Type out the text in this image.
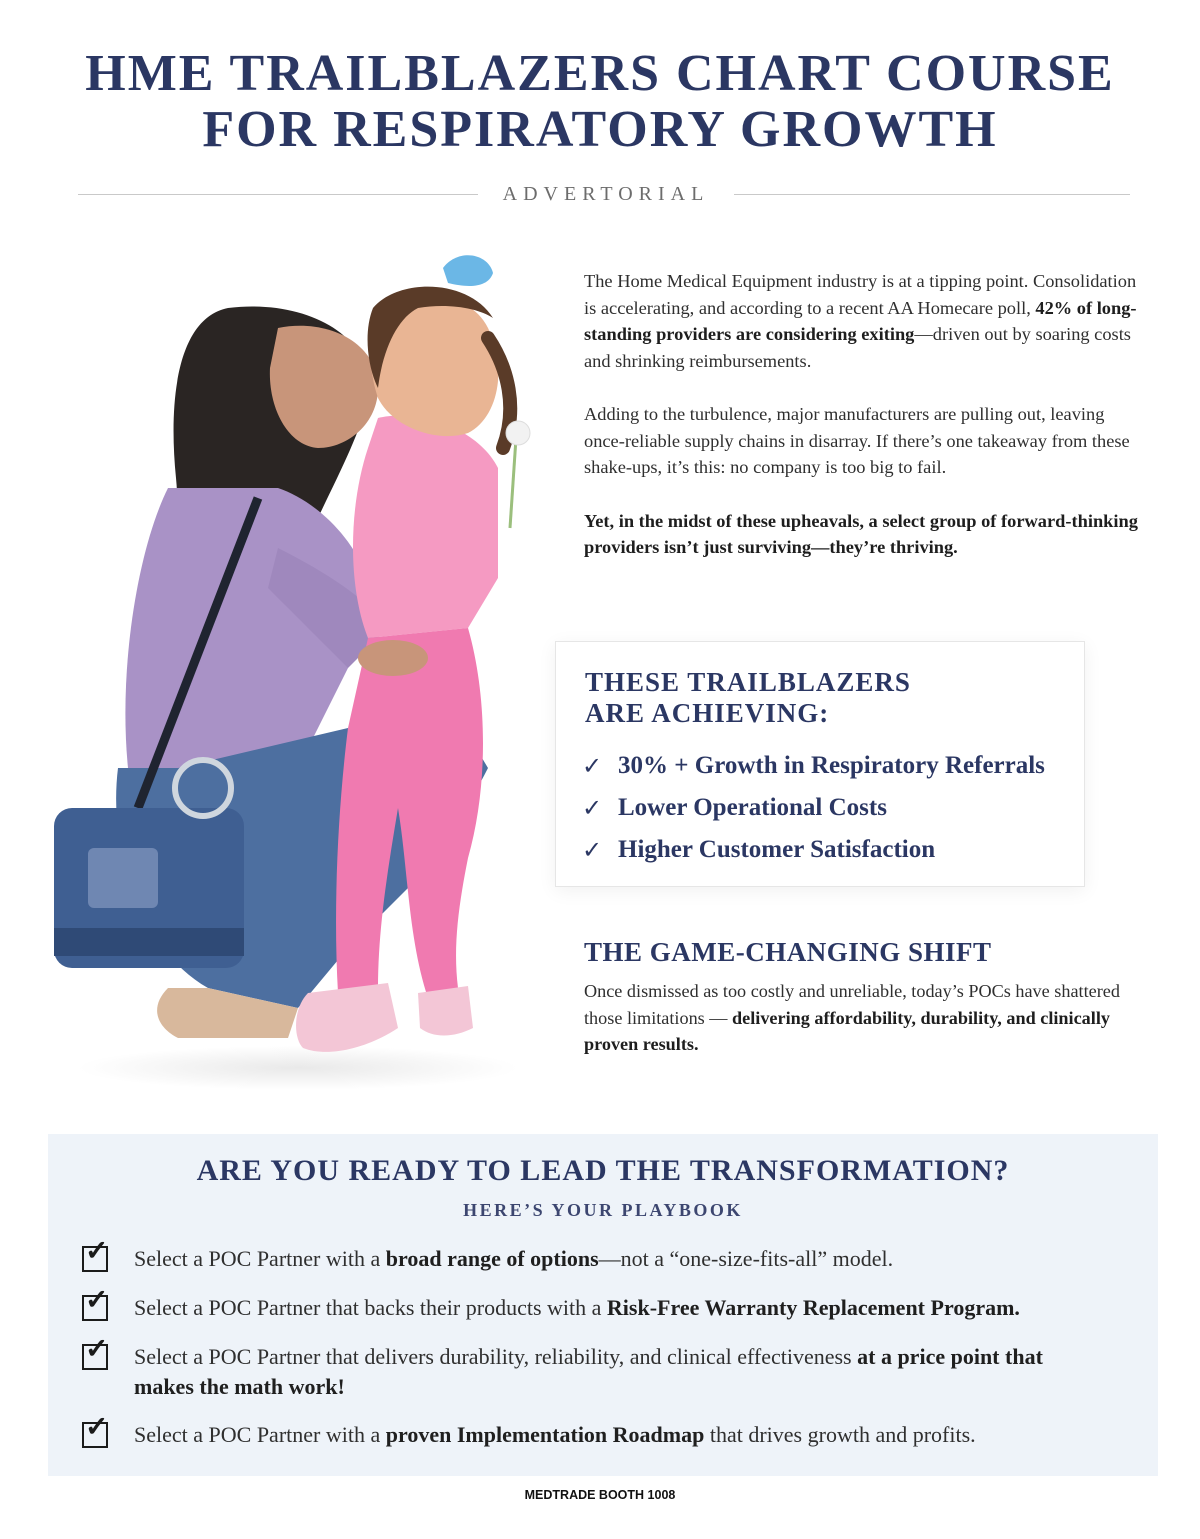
HME TRAILBLAZERS CHART COURSE
FOR RESPIRATORY GROWTH
ADVERTORIAL

The Home Medical Equipment industry is at a tipping point. Consolidation is accelerating, and according to a recent AA Homecare poll, 42% of long-standing providers are considering exiting—driven out by soaring costs and shrinking reimbursements.

Adding to the turbulence, major manufacturers are pulling out, leaving once-reliable supply chains in disarray. If there’s one takeaway from these shake-ups, it’s this: no company is too big to fail.

Yet, in the midst of these upheavals, a select group of forward-thinking providers isn’t just surviving—they’re thriving.

THESE TRAILBLAZERS
ARE ACHIEVING:
✓ 30% + Growth in Respiratory Referrals
✓ Lower Operational Costs
✓ Higher Customer Satisfaction
THE GAME-CHANGING SHIFT

Once dismissed as too costly and unreliable, today’s POCs have shattered those limitations — delivering affordability, durability, and clinically proven results.

ARE YOU READY TO LEAD THE TRANSFORMATION?
HERE’S YOUR PLAYBOOK
✓ Select a POC Partner with a broad range of options—not a “one-size-fits-all” model.
✓ Select a POC Partner that backs their products with a Risk-Free Warranty Replacement Program.
✓ Select a POC Partner that delivers durability, reliability, and clinical effectiveness at a price point that makes the math work!
✓ Select a POC Partner with a proven Implementation Roadmap that drives growth and profits.
MEDTRADE BOOTH 1008
